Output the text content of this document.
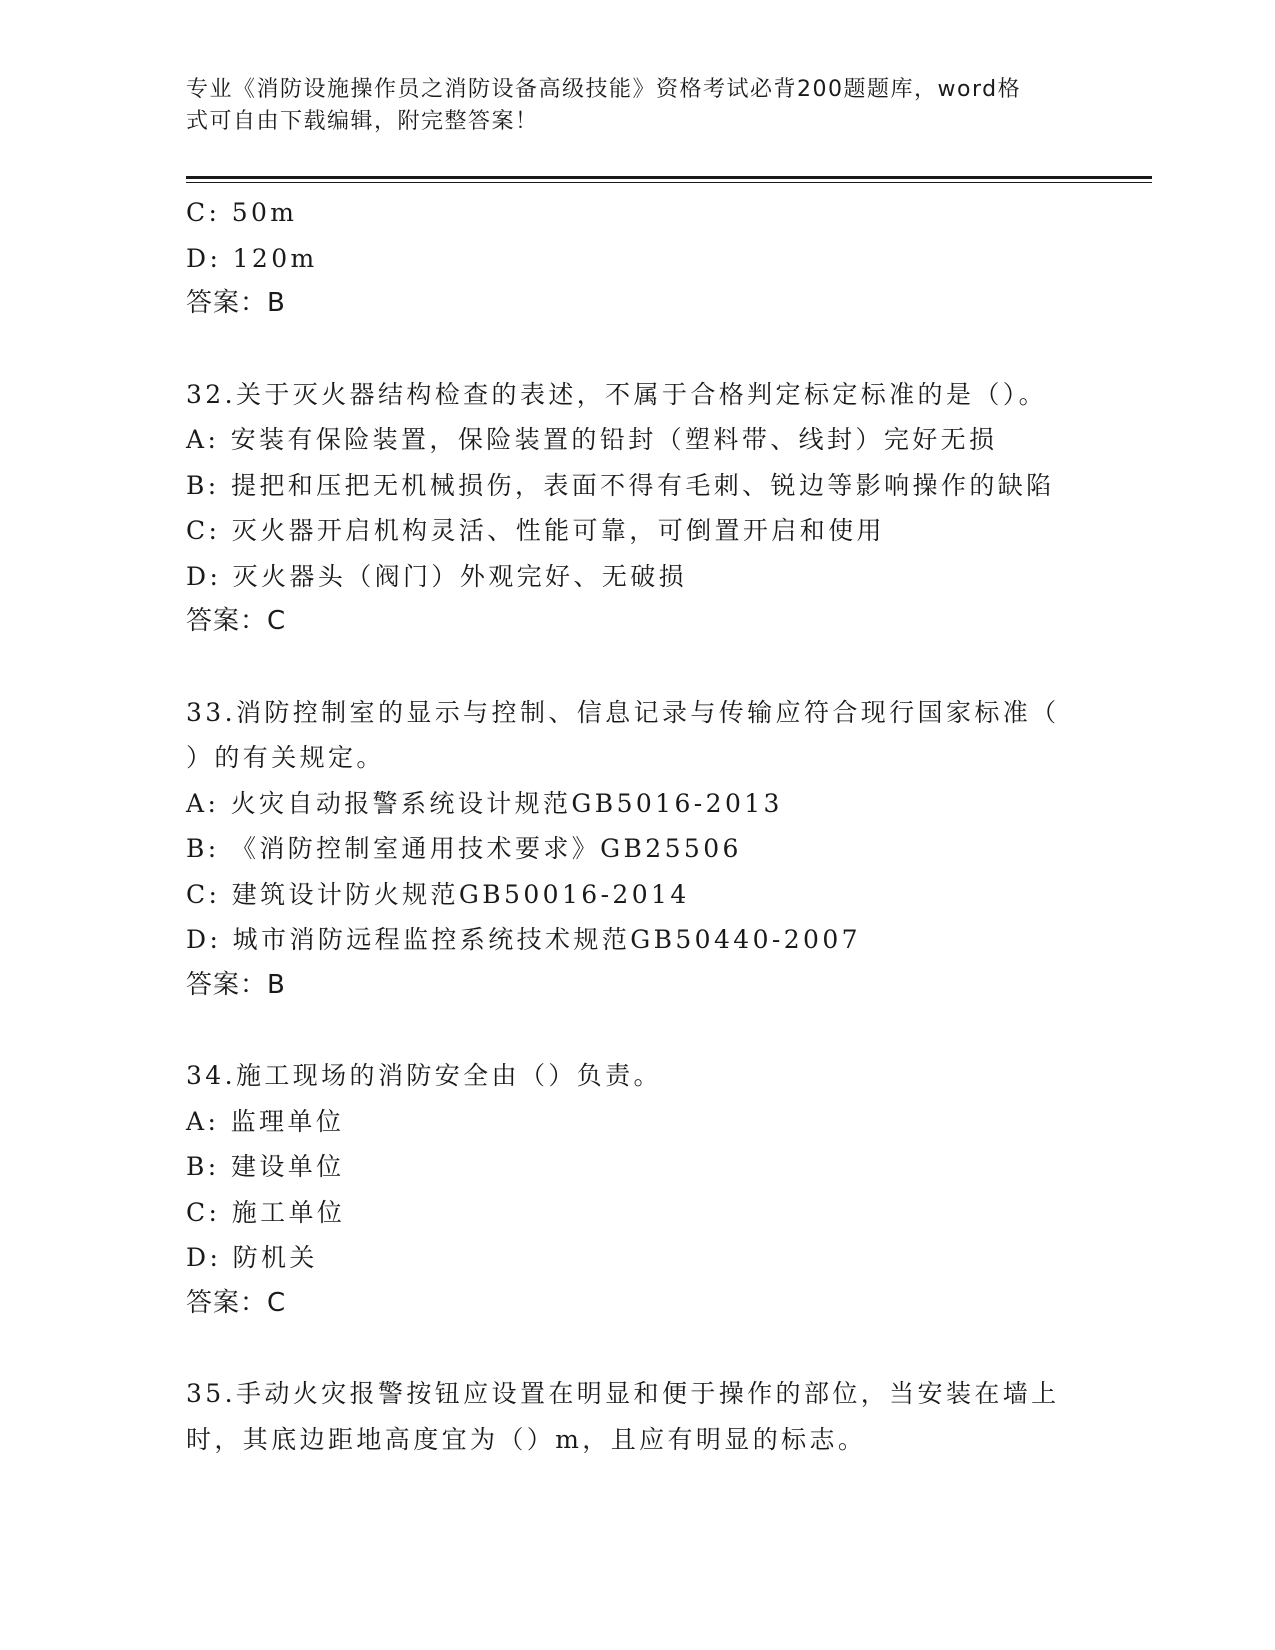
专业《消防设施操作员之消防设备高级技能》资格考试必背200题题库，word格
式可自由下载编辑，附完整答案！
C: 50m
D: 120m
答案：B
32.关于灭火器结构检查的表述，不属于合格判定标定标准的是（）。
A: 安装有保险装置，保险装置的铅封（塑料带、线封）完好无损
B: 提把和压把无机械损伤，表面不得有毛刺、锐边等影响操作的缺陷
C: 灭火器开启机构灵活、性能可靠，可倒置开启和使用
D: 灭火器头（阀门）外观完好、无破损
答案：C
33.消防控制室的显示与控制、信息记录与传输应符合现行国家标准（
）的有关规定。
A: 火灾自动报警系统设计规范GB5016-2013
B: 《消防控制室通用技术要求》GB25506
C: 建筑设计防火规范GB50016-2014
D: 城市消防远程监控系统技术规范GB50440-2007
答案：B
34.施工现场的消防安全由（）负责。
A: 监理单位
B: 建设单位
C: 施工单位
D: 防机关
答案：C
35.手动火灾报警按钮应设置在明显和便于操作的部位，当安装在墙上
时，其底边距地高度宜为（）m，且应有明显的标志。
